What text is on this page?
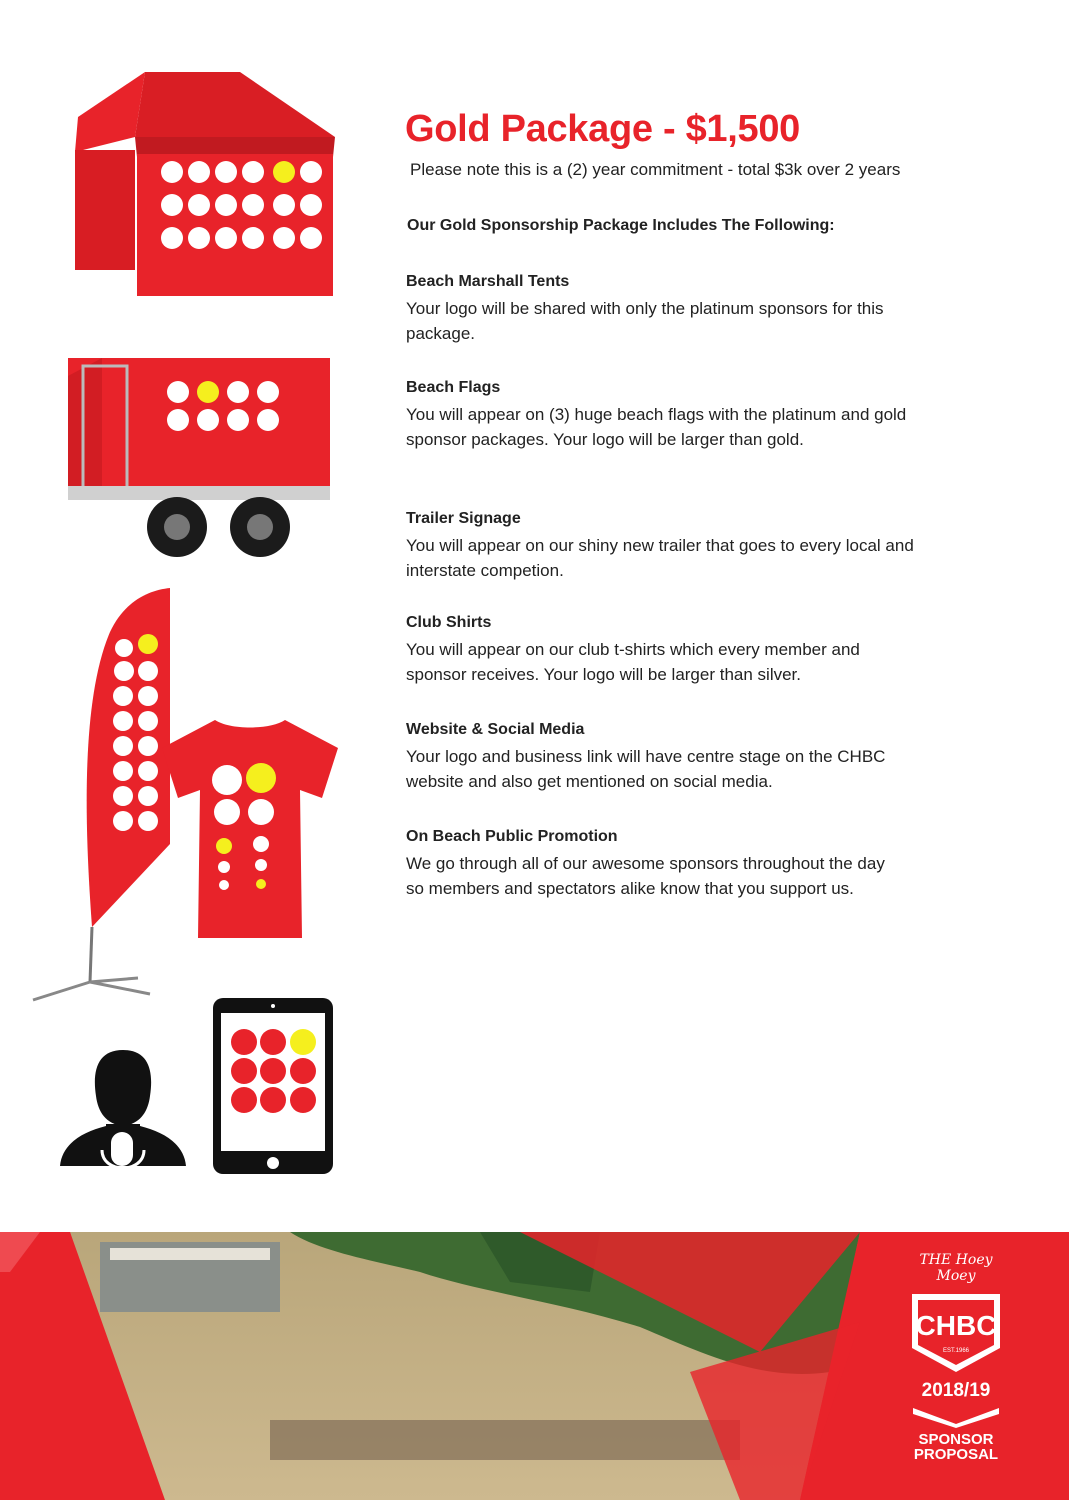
Gold Package - $1,500

Please note this is a (2) year commitment - total $3k over 2 years

Our Gold Sponsorship Package Includes The Following:

Beach Marshall Tents

Your logo will be shared with only the platinum sponsors for this package.

Beach Flags

You will appear on (3) huge beach flags with the platinum and gold sponsor packages. Your logo will be larger than gold.

Trailer Signage

You will appear on our shiny new trailer that goes to every local and interstate competion.

Club Shirts

You will appear on our club t-shirts which every member and sponsor receives. Your logo will be larger than silver.

Website & Social Media

Your logo and business link will have centre stage on the CHBC website and also get mentioned on social media.

On Beach Public Promotion

We go through all of our awesome sponsors throughout the day so members and spectators alike know that you support us.

THE Hoey Moey
CHBC
EST.1966
2018/19
SPONSOR
PROPOSAL
